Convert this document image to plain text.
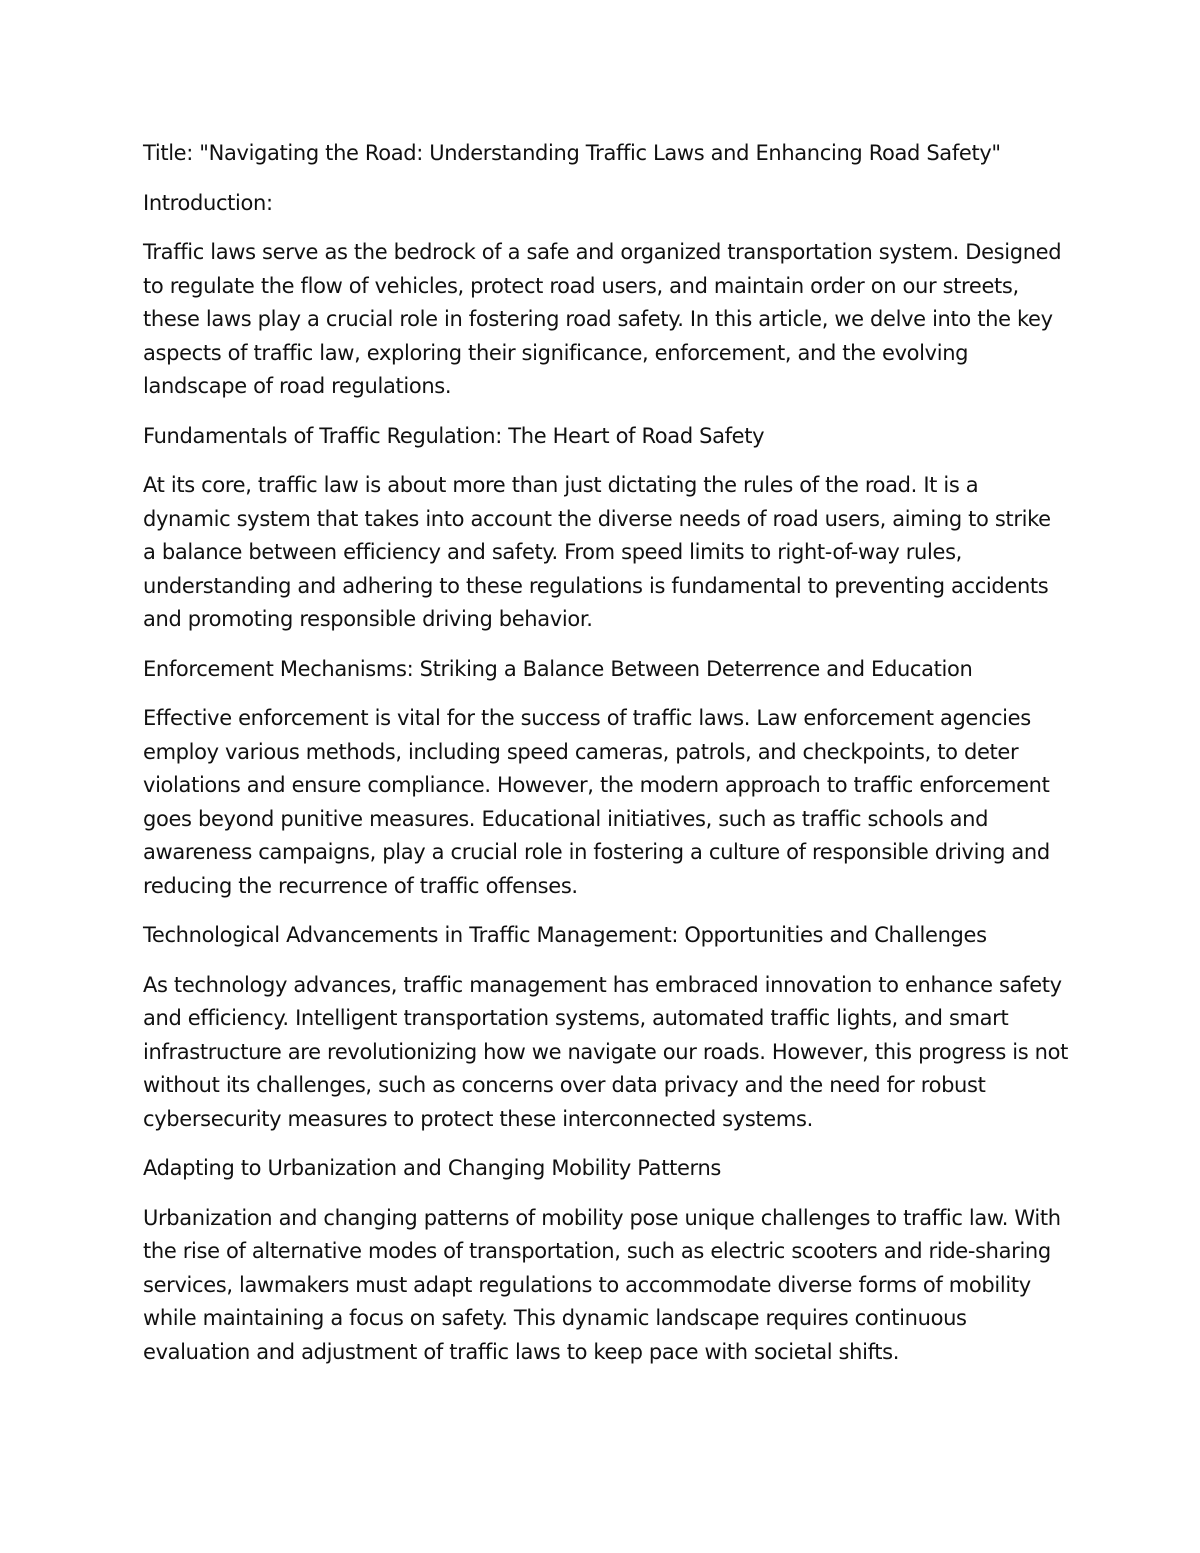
Title: "Navigating the Road: Understanding Traffic Laws and Enhancing Road Safety"

Introduction:

Traffic laws serve as the bedrock of a safe and organized transportation system. Designed to regulate the flow of vehicles, protect road users, and maintain order on our streets, these laws play a crucial role in fostering road safety. In this article, we delve into the key aspects of traffic law, exploring their significance, enforcement, and the evolving landscape of road regulations.

Fundamentals of Traffic Regulation: The Heart of Road Safety

At its core, traffic law is about more than just dictating the rules of the road. It is a dynamic system that takes into account the diverse needs of road users, aiming to strike a balance between efficiency and safety. From speed limits to right-of-way rules, understanding and adhering to these regulations is fundamental to preventing accidents and promoting responsible driving behavior.

Enforcement Mechanisms: Striking a Balance Between Deterrence and Education

Effective enforcement is vital for the success of traffic laws. Law enforcement agencies employ various methods, including speed cameras, patrols, and checkpoints, to deter violations and ensure compliance. However, the modern approach to traffic enforcement goes beyond punitive measures. Educational initiatives, such as traffic schools and awareness campaigns, play a crucial role in fostering a culture of responsible driving and reducing the recurrence of traffic offenses.

Technological Advancements in Traffic Management: Opportunities and Challenges

As technology advances, traffic management has embraced innovation to enhance safety and efficiency. Intelligent transportation systems, automated traffic lights, and smart infrastructure are revolutionizing how we navigate our roads. However, this progress is not without its challenges, such as concerns over data privacy and the need for robust cybersecurity measures to protect these interconnected systems.

Adapting to Urbanization and Changing Mobility Patterns

Urbanization and changing patterns of mobility pose unique challenges to traffic law. With the rise of alternative modes of transportation, such as electric scooters and ride-sharing services, lawmakers must adapt regulations to accommodate diverse forms of mobility while maintaining a focus on safety. This dynamic landscape requires continuous evaluation and adjustment of traffic laws to keep pace with societal shifts.
